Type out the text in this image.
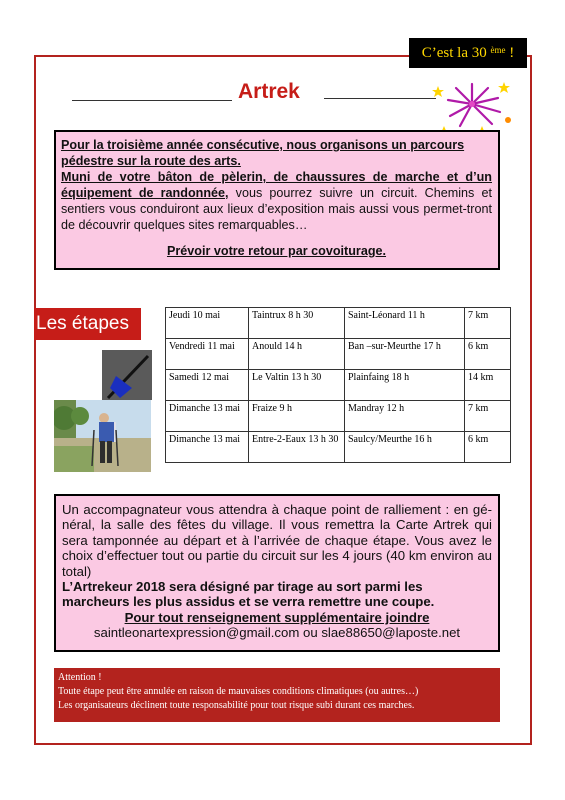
C’est la 30 $^{ème}$ !
Artrek

Pour la troisième année consécutive, nous organisons un parcours pédestre sur la route des arts.

Muni de votre bâton de pèlerin, de chaussures de marche et d’un équipement de randonnée, vous pourrez suivre un circuit. Chemins et sentiers vous conduiront aux lieux d’exposition mais aussi vous permet-tront de découvrir quelques sites remarquables…

Prévoir votre retour par covoiturage.

Les étapes	Jeudi 10 mai	Taintrux 8 h 30	Saint-Léonard 11 h	7 km
Vendredi 11 mai	Anould 14 h	Ban –sur-Meurthe 17 h	6 km
Samedi 12 mai	Le Valtin 13 h 30	Plainfaing 18 h	14 km
Dimanche 13 mai	Fraize 9 h	Mandray 12 h	7 km
Dimanche 13 mai	Entre-2-Eaux 13 h 30	Saulcy/Meurthe 16 h	6 km

Un accompagnateur vous attendra à chaque point de ralliement : en gé-néral, la salle des fêtes du village. Il vous remettra la Carte Artrek qui sera tamponnée au départ et à l’arrivée de chaque étape. Vous avez le choix d’effectuer tout ou partie du circuit sur les 4 jours (40 km environ au total)

L’Artrekeur 2018 sera désigné par tirage au sort parmi les marcheurs les plus assidus et se verra remettre une coupe.

Pour tout renseignement supplémentaire joindre

saintleonartexpression@gmail.com ou slae88650@laposte.net

Attention !
Toute étape peut être annulée en raison de mauvaises conditions climatiques (ou autres…)
Les organisateurs déclinent toute responsabilité pour tout risque subi durant ces marches.
